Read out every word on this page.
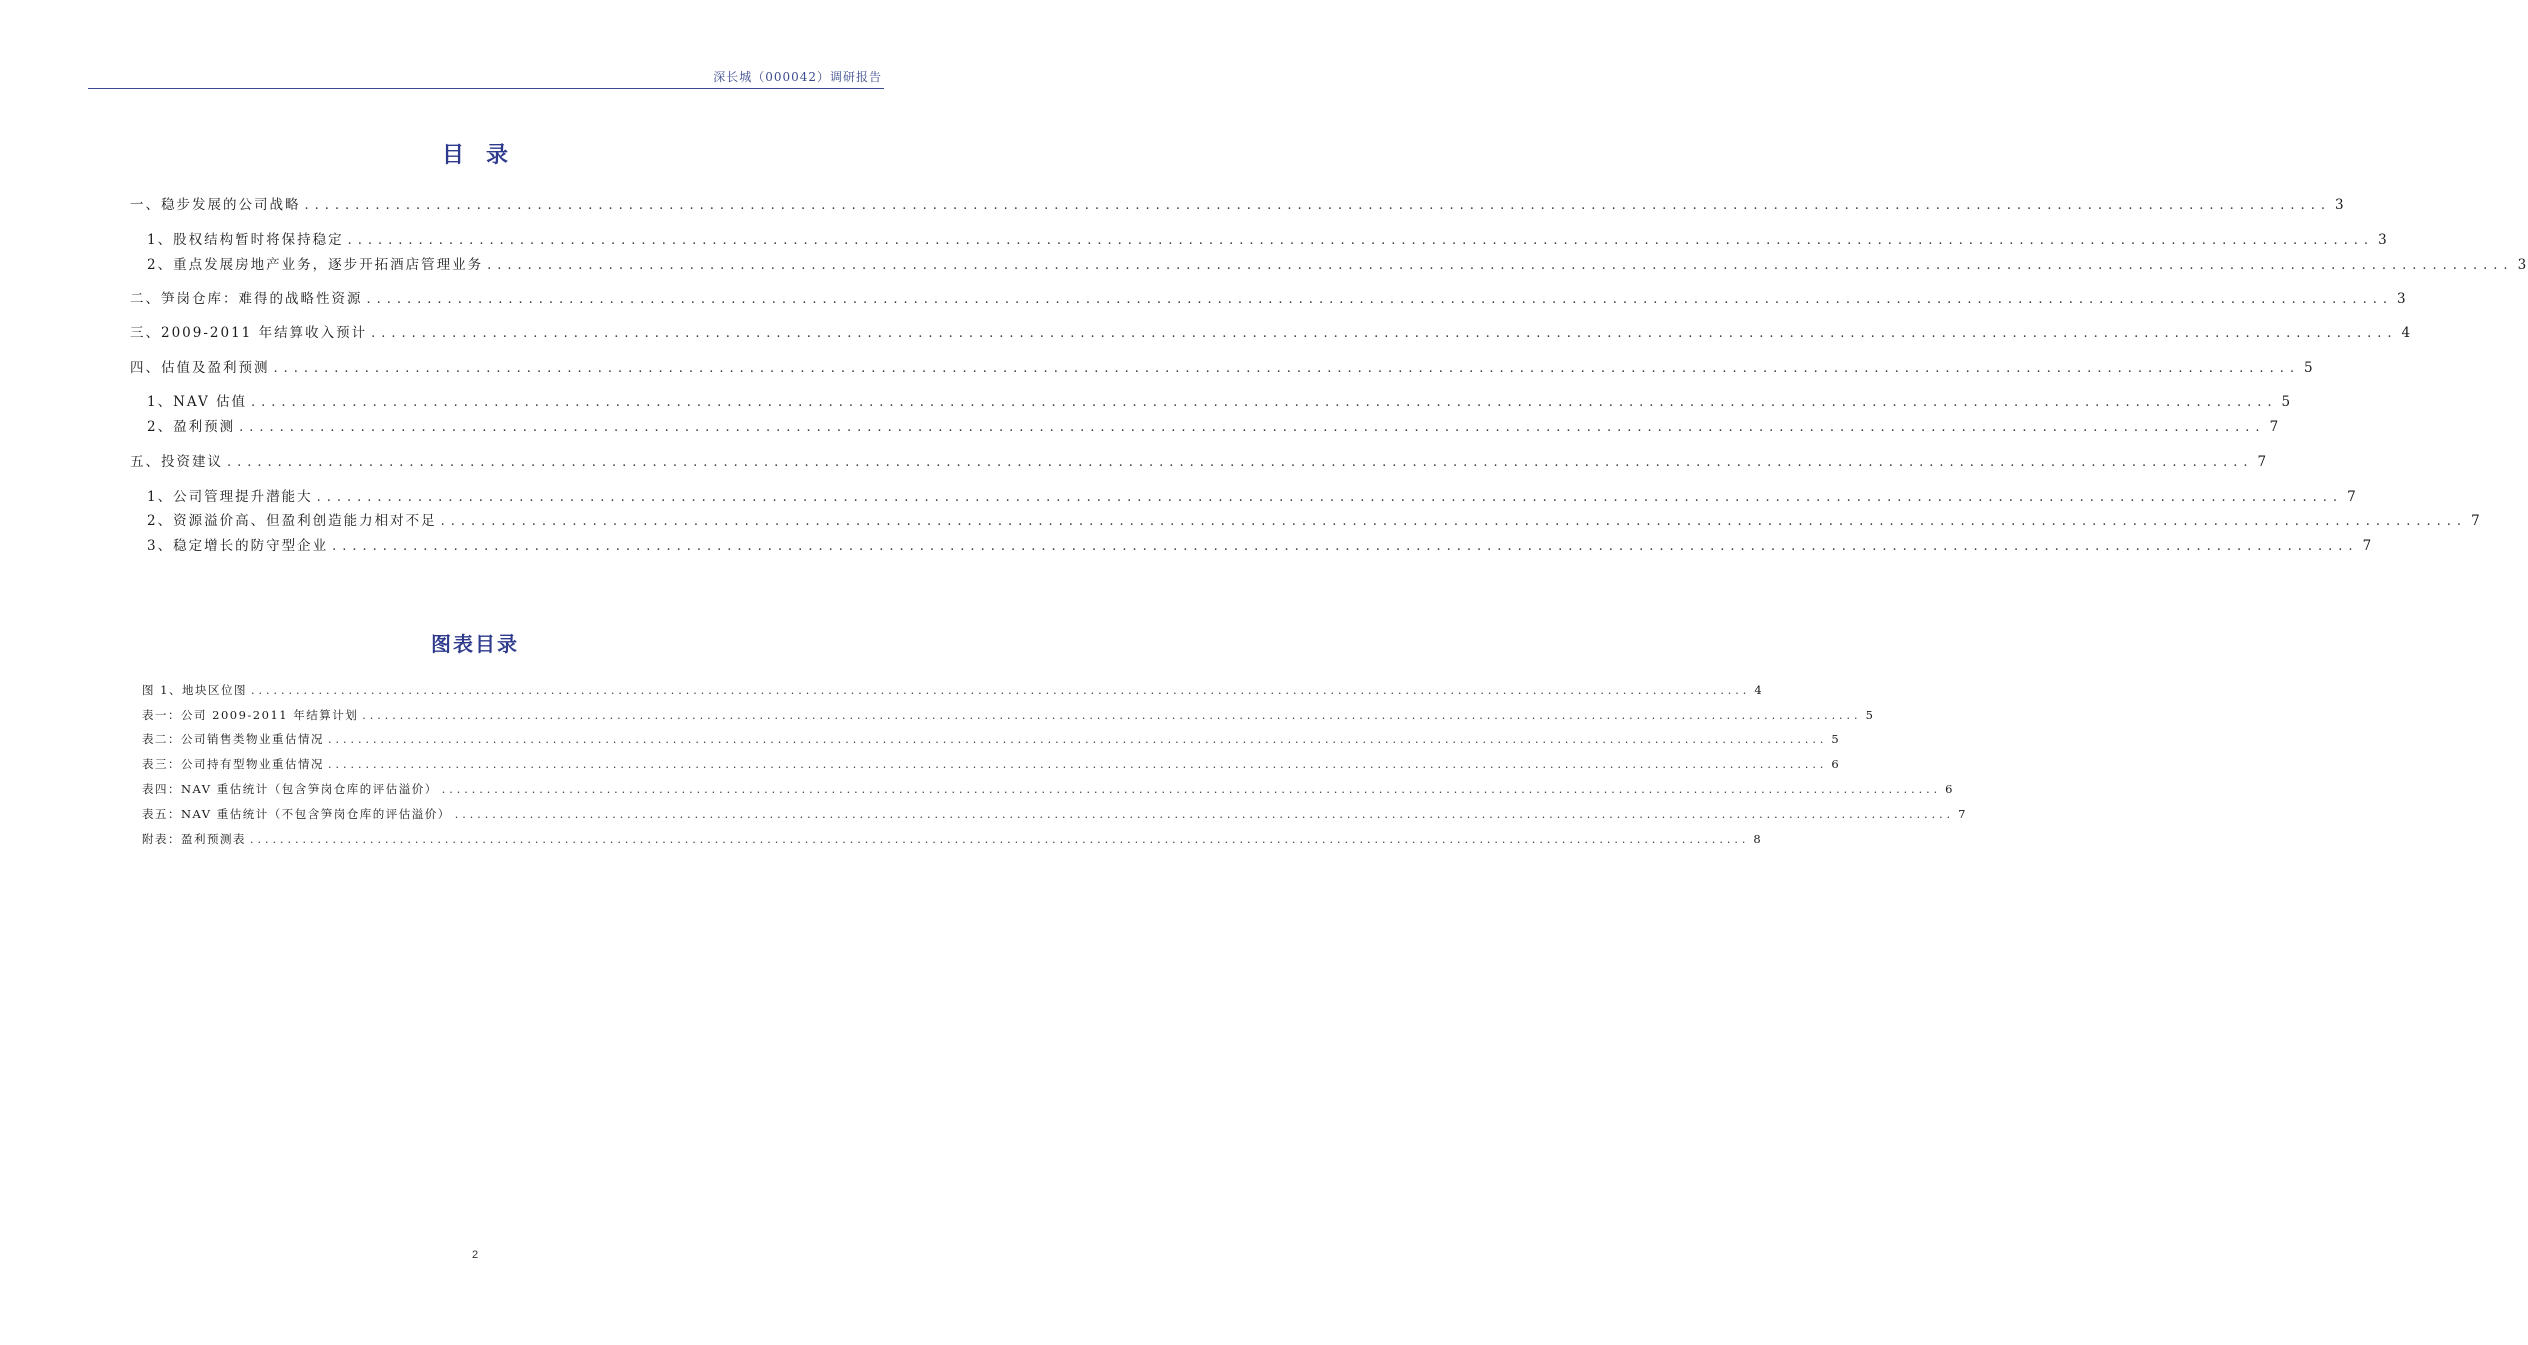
深长城（000042）调研报告
目录
一、稳步发展的公司战略 ........................................................................................................................................................................................................ 3
1、股权结构暂时将保持稳定 ........................................................................................................................................................................................................ 3
2、重点发展房地产业务，逐步开拓酒店管理业务 ........................................................................................................................................................................................................ 3
二、笋岗仓库：难得的战略性资源 ........................................................................................................................................................................................................ 3
三、2009-2011 年结算收入预计 ........................................................................................................................................................................................................ 4
四、估值及盈利预测 ........................................................................................................................................................................................................ 5
1、NAV 估值 ........................................................................................................................................................................................................ 5
2、盈利预测 ........................................................................................................................................................................................................ 7
五、投资建议 ........................................................................................................................................................................................................ 7
1、公司管理提升潜能大 ........................................................................................................................................................................................................ 7
2、资源溢价高、但盈利创造能力相对不足 ........................................................................................................................................................................................................ 7
3、稳定增长的防守型企业 ........................................................................................................................................................................................................ 7
图表目录
图 1、地块区位图 ........................................................................................................................................................................................................ 4
表一：公司 2009-2011 年结算计划 ........................................................................................................................................................................................................ 5
表二：公司销售类物业重估情况 ........................................................................................................................................................................................................ 5
表三：公司持有型物业重估情况 ........................................................................................................................................................................................................ 6
表四：NAV 重估统计（包含笋岗仓库的评估溢价） ........................................................................................................................................................................................................ 6
表五：NAV 重估统计（不包含笋岗仓库的评估溢价） ........................................................................................................................................................................................................ 7
附表：盈利预测表 ........................................................................................................................................................................................................ 8
2
